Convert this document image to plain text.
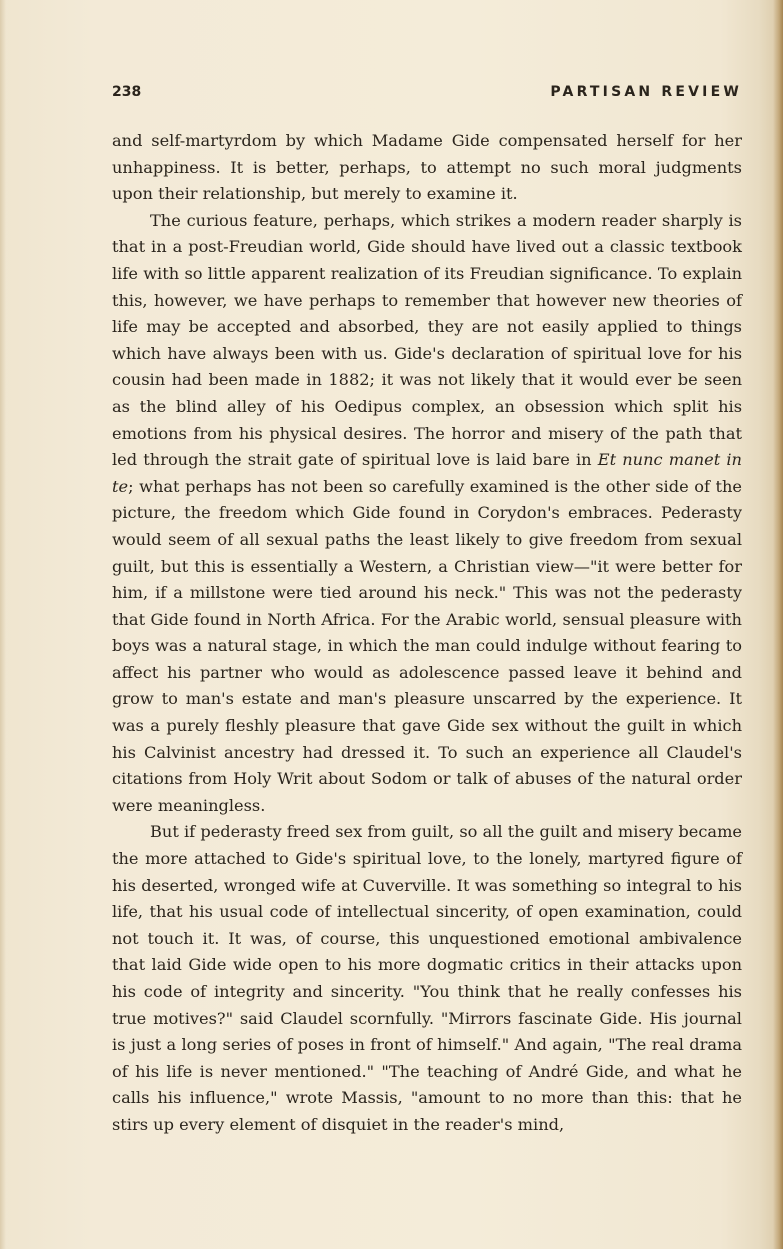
238	PARTISAN REVIEW

and self-martyrdom by which Madame Gide compensated herself for her unhappiness. It is better, perhaps, to attempt no such moral judgments upon their relationship, but merely to examine it.

The curious feature, perhaps, which strikes a modern reader sharply is that in a post-Freudian world, Gide should have lived out a classic textbook life with so little apparent realization of its Freudian significance. To explain this, however, we have perhaps to remember that however new theories of life may be accepted and absorbed, they are not easily applied to things which have always been with us. Gide's declaration of spiritual love for his cousin had been made in 1882; it was not likely that it would ever be seen as the blind alley of his Oedipus complex, an obsession which split his emotions from his physical desires. The horror and misery of the path that led through the strait gate of spiritual love is laid bare in Et nunc manet in te; what perhaps has not been so carefully examined is the other side of the picture, the freedom which Gide found in Corydon's embraces. Pederasty would seem of all sexual paths the least likely to give freedom from sexual guilt, but this is essentially a Western, a Christian view—"it were better for him, if a millstone were tied around his neck." This was not the pederasty that Gide found in North Africa. For the Arabic world, sensual pleasure with boys was a natural stage, in which the man could indulge without fearing to affect his partner who would as adolescence passed leave it behind and grow to man's estate and man's pleasure unscarred by the experience. It was a purely fleshly pleasure that gave Gide sex without the guilt in which his Calvinist ancestry had dressed it. To such an experience all Claudel's citations from Holy Writ about Sodom or talk of abuses of the natural order were meaningless.

But if pederasty freed sex from guilt, so all the guilt and misery became the more attached to Gide's spiritual love, to the lonely, martyred figure of his deserted, wronged wife at Cuverville. It was something so integral to his life, that his usual code of intellectual sincerity, of open examination, could not touch it. It was, of course, this unquestioned emotional ambivalence that laid Gide wide open to his more dogmatic critics in their attacks upon his code of integrity and sincerity. "You think that he really confesses his true motives?" said Claudel scornfully. "Mirrors fascinate Gide. His journal is just a long series of poses in front of himself." And again, "The real drama of his life is never mentioned." "The teaching of André Gide, and what he calls his influence," wrote Massis, "amount to no more than this: that he stirs up every element of disquiet in the reader's mind,
